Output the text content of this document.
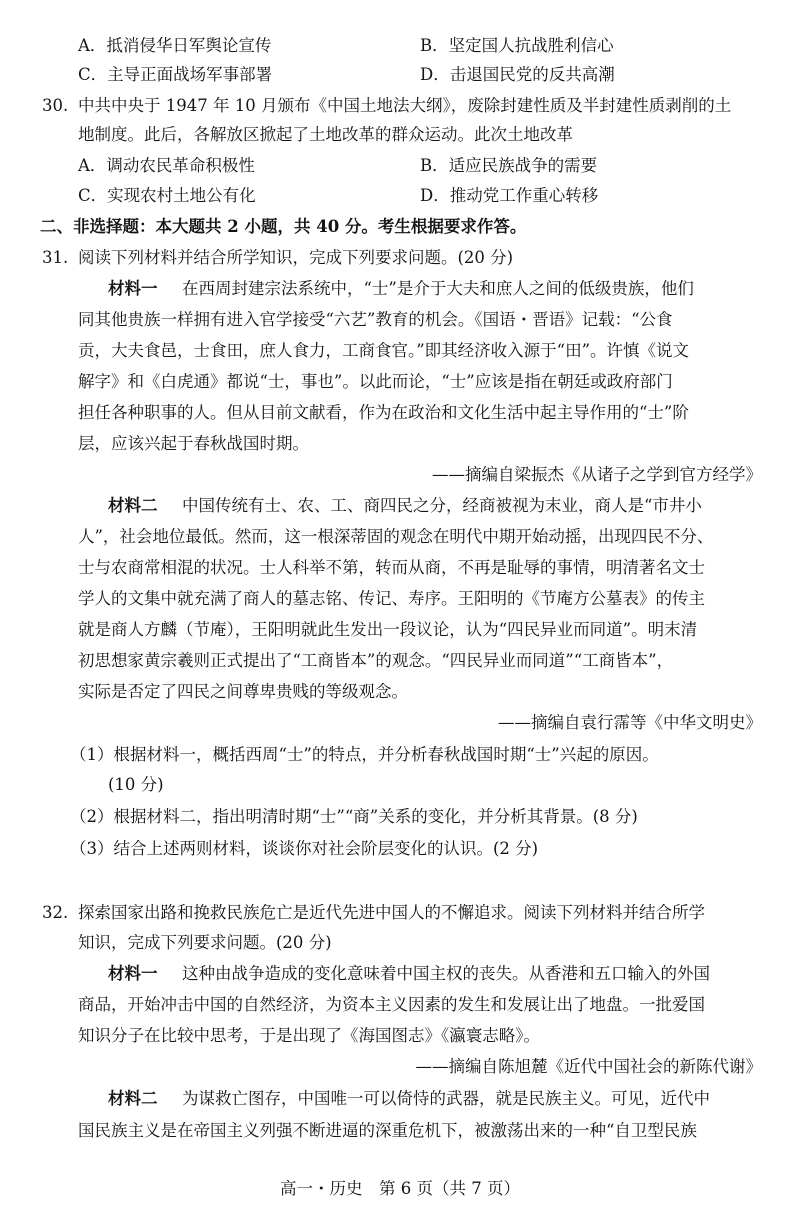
A．抵消侵华日军舆论宣传	B．坚定国人抗战胜利信心
C．主导正面战场军事部署	D．击退国民党的反共高潮
30. 中共中央于 1947 年 10 月颁布《中国土地法大纲》，废除封建性质及半封建性质剥削的土
地制度。此后，各解放区掀起了土地改革的群众运动。此次土地改革
A．调动农民革命积极性	B．适应民族战争的需要
C．实现农村土地公有化	D．推动党工作重心转移
二、非选择题：本大题共 2 小题，共 40 分。考生根据要求作答。
31. 阅读下列材料并结合所学知识，完成下列要求问题。(20 分)
材料一 在西周封建宗法系统中，“士”是介于大夫和庶人之间的低级贵族，他们
同其他贵族一样拥有进入官学接受“六艺”教育的机会。《国语・晋语》记载：“公食
贡，大夫食邑，士食田，庶人食力，工商食官。”即其经济收入源于“田”。许慎《说文
解字》和《白虎通》都说“士，事也”。以此而论，“士”应该是指在朝廷或政府部门
担任各种职事的人。但从目前文献看，作为在政治和文化生活中起主导作用的“士”阶
层，应该兴起于春秋战国时期。
——摘编自梁振杰《从诸子之学到官方经学》
材料二 中国传统有士、农、工、商四民之分，经商被视为末业，商人是“市井小
人”，社会地位最低。然而，这一根深蒂固的观念在明代中期开始动摇，出现四民不分、
士与农商常相混的状况。士人科举不第，转而从商，不再是耻辱的事情，明清著名文士
学人的文集中就充满了商人的墓志铭、传记、寿序。王阳明的《节庵方公墓表》的传主
就是商人方麟（节庵），王阳明就此生发出一段议论，认为“四民异业而同道”。明末清
初思想家黄宗羲则正式提出了“工商皆本”的观念。“四民异业而同道”“工商皆本”，
实际是否定了四民之间尊卑贵贱的等级观念。
——摘编自袁行霈等《中华文明史》
（1）根据材料一，概括西周“士”的特点，并分析春秋战国时期“士”兴起的原因。
(10 分)
（2）根据材料二，指出明清时期“士”“商”关系的变化，并分析其背景。(8 分)
（3）结合上述两则材料，谈谈你对社会阶层变化的认识。(2 分)
32. 探索国家出路和挽救民族危亡是近代先进中国人的不懈追求。阅读下列材料并结合所学
知识，完成下列要求问题。(20 分)
材料一 这种由战争造成的变化意味着中国主权的丧失。从香港和五口输入的外国
商品，开始冲击中国的自然经济，为资本主义因素的发生和发展让出了地盘。一批爱国
知识分子在比较中思考，于是出现了《海国图志》《瀛寰志略》。
——摘编自陈旭麓《近代中国社会的新陈代谢》
材料二 为谋救亡图存，中国唯一可以倚恃的武器，就是民族主义。可见，近代中
国民族主义是在帝国主义列强不断进逼的深重危机下，被激荡出来的一种“自卫型民族
高一・历史　第 6 页（共 7 页）
